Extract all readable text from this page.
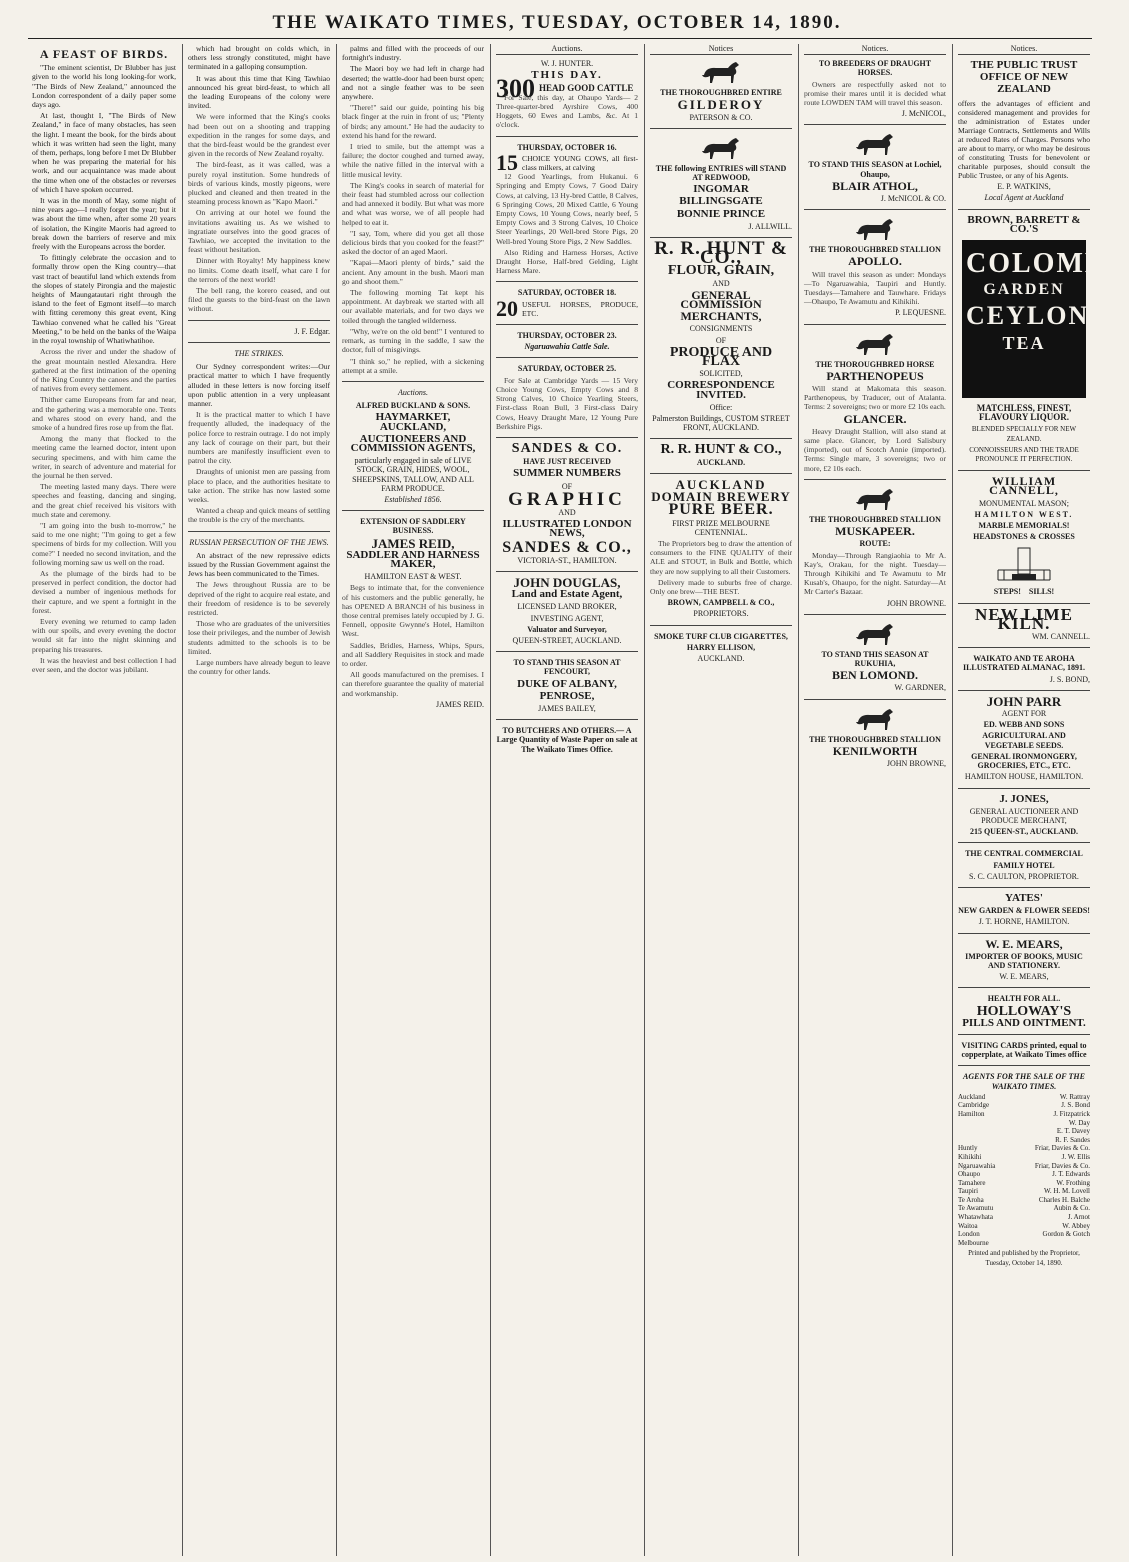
THE WAIKATO TIMES, TUESDAY, OCTOBER 14, 1890.
A FEAST OF BIRDS.

"The eminent scientist, Dr Blubber has just given to the world his long looking-for work, "The Birds of New Zealand," announced the London correspondent of a daily paper some days ago.

At last, thought I, "The Birds of New Zealand," in face of many obstacles, has seen the light. I meant the book, for the birds about which it was written had seen the light, many of them, perhaps, long before I met Dr Blubber when he was preparing the material for his work, and our acquaintance was made about the time when one of the obstacles or reverses of which I have spoken occurred.

It was in the month of May, some night of nine years ago—I really forget the year; but it was about the time when, after some 20 years of isolation, the Kingite Maoris had agreed to break down the barriers of reserve and mix freely with the Europeans across the border.

To fittingly celebrate the occasion and to formally throw open the King country—that vast tract of beautiful land which extends from the slopes of stately Pirongia and the majestic heights of Maungatautari right through the island to the feet of Egmont itself—to march with fitting ceremony this great event, King Tawhiao convened what he called his "Great Meeting," to be held on the banks of the Waipa in the royal township of Whatiwhatihoe.

Across the river and under the shadow of the great mountain nestled Alexandra. Here gathered at the first intimation of the opening of the King Country the canoes and the parties of natives from every settlement.

Thither came Europeans from far and near, and the gathering was a memorable one. Tents and whares stood on every hand, and the smoke of a hundred fires rose up from the flat.

Among the many that flocked to the meeting came the learned doctor, intent upon securing specimens, and with him came the writer, in search of adventure and material for the journal he then served.

The meeting lasted many days. There were speeches and feasting, dancing and singing, and the great chief received his visitors with much state and ceremony.

"I am going into the bush to-morrow," he said to me one night; "I'm going to get a few specimens of birds for my collection. Will you come?" I needed no second invitation, and the following morning saw us well on the road.

As the plumage of the birds had to be preserved in perfect condition, the doctor had devised a number of ingenious methods for their capture, and we spent a fortnight in the forest.

Every evening we returned to camp laden with our spoils, and every evening the doctor would sit far into the night skinning and preparing his treasures.

It was the heaviest and best collection I had ever seen, and the doctor was jubilant.

which had brought on colds which, in others less strongly constituted, might have terminated in a galloping consumption.

It was about this time that King Tawhiao announced his great bird-feast, to which all the leading Europeans of the colony were invited.

We were informed that the King's cooks had been out on a shooting and trapping expedition in the ranges for some days, and that the bird-feast would be the grandest ever given in the records of New Zealand royalty.

The bird-feast, as it was called, was a purely royal institution. Some hundreds of birds of various kinds, mostly pigeons, were plucked and cleaned and then treated in the steaming process known as "Kapo Maori."

On arriving at our hotel we found the invitations awaiting us. As we wished to ingratiate ourselves into the good graces of Tawhiao, we accepted the invitation to the feast without hesitation.

Dinner with Royalty! My happiness knew no limits. Come death itself, what care I for the terrors of the next world!

The bell rang, the korero ceased, and out filed the guests to the bird-feast on the lawn without.

J. F. Edgar.
THE STRIKES.

Our Sydney correspondent writes:—Our practical matter to which I have frequently alluded in these letters is now forcing itself upon public attention in a very unpleasant manner.

It is the practical matter to which I have frequently alluded, the inadequacy of the police force to restrain outrage. I do not imply any lack of courage on their part, but their numbers are manifestly insufficient even to patrol the city.

Draughts of unionist men are passing from place to place, and the authorities hesitate to take action. The strike has now lasted some weeks.

Wanted a cheap and quick means of settling the trouble is the cry of the merchants.

RUSSIAN PERSECUTION OF THE JEWS.

An abstract of the new repressive edicts issued by the Russian Government against the Jews has been communicated to the Times.

The Jews throughout Russia are to be deprived of the right to acquire real estate, and their freedom of residence is to be severely restricted.

Those who are graduates of the universities lose their privileges, and the number of Jewish students admitted to the schools is to be limited.

Large numbers have already begun to leave the country for other lands.

palms and filled with the proceeds of our fortnight's industry.

The Maori boy we had left in charge had deserted; the wattle-door had been burst open; and not a single feather was to be seen anywhere.

"There!" said our guide, pointing his big black finger at the ruin in front of us; "Plenty of birds; any amount." He had the audacity to extend his hand for the reward.

I tried to smile, but the attempt was a failure; the doctor coughed and turned away, while the native filled in the interval with a little musical levity.

The King's cooks in search of material for their feast had stumbled across our collection and had annexed it bodily. But what was more and what was worse, we of all people had helped to eat it.

"I say, Tom, where did you get all those delicious birds that you cooked for the feast?" asked the doctor of an aged Maori.

"Kapai—Maori plenty of birds," said the ancient. Any amount in the bush. Maori man go and shoot them."

The following morning Tat kept his appointment. At daybreak we started with all our available materials, and for two days we toiled through the tangled wilderness.

"Why, we're on the old bent!" I ventured to remark, as turning in the saddle, I saw the doctor, full of misgivings.

"I think so," he replied, with a sickening attempt at a smile.

Auctions.
ALFRED BUCKLAND & SONS.
HAYMARKET, AUCKLAND,
AUCTIONEERS AND COMMISSION AGENTS,
particularly engaged in sale of LIVE STOCK, GRAIN, HIDES, WOOL, SHEEPSKINS, TALLOW, AND ALL FARM PRODUCE.
Established 1856.
EXTENSION OF SADDLERY BUSINESS.
JAMES REID,
SADDLER AND HARNESS MAKER,
HAMILTON EAST & WEST.

Begs to intimate that, for the convenience of his customers and the public generally, he has OPENED A BRANCH of his business in those central premises lately occupied by J. G. Fennell, opposite Gwynne's Hotel, Hamilton West.

Saddles, Bridles, Harness, Whips, Spurs, and all Saddlery Requisites in stock and made to order.

All goods manufactured on the premises. I can therefore guarantee the quality of material and workmanship.

JAMES REID.
Auctions.
W. J. HUNTER.
THIS DAY.
300 HEAD GOOD CATTLE

For Sale, this day, at Ohaupo Yards— 2 Three-quarter-bred Ayrshire Cows, 400 Hoggets, 60 Ewes and Lambs, &c. At 1 o'clock.

THURSDAY, OCTOBER 16.
15 CHOICE YOUNG COWS, all first-class milkers, at calving

12 Good Yearlings, from Hukanui. 6 Springing and Empty Cows, 7 Good Dairy Cows, at calving, 13 Hy-bred Cattle, 8 Calves, 6 Springing Cows, 20 Mixed Cattle, 6 Young Empty Cows, 10 Young Cows, nearly beef, 5 Empty Cows and 3 Strong Calves, 10 Choice Steer Yearlings, 20 Well-bred Store Pigs, 20 Well-bred Young Store Pigs, 2 New Saddles.

Also Riding and Harness Horses, Active Draught Horse, Half-bred Gelding, Light Harness Mare.

SATURDAY, OCTOBER 18.
20 USEFUL HORSES, PRODUCE, ETC.
THURSDAY, OCTOBER 23.
Ngaruawahia Cattle Sale.
SATURDAY, OCTOBER 25.

For Sale at Cambridge Yards — 15 Very Choice Young Cows, Empty Cows and 8 Strong Calves, 10 Choice Yearling Steers, First-class Roan Bull, 3 First-class Dairy Cows, Heavy Draught Mare, 12 Young Pure Berkshire Pigs.

SANDES & CO.
HAVE JUST RECEIVED
SUMMER NUMBERS
OF
GRAPHIC
AND
ILLUSTRATED LONDON NEWS,
SANDES & CO.,
VICTORIA-ST., HAMILTON.
JOHN DOUGLAS,
Land and Estate Agent,
LICENSED LAND BROKER,
INVESTING AGENT,
Valuator and Surveyor,
QUEEN-STREET, AUCKLAND.
TO STAND THIS SEASON AT FENCOURT,
DUKE OF ALBANY,
PENROSE,
JAMES BAILEY,
TO BUTCHERS AND OTHERS.— A Large Quantity of Waste Paper on sale at The Waikato Times Office.
Notices
THE THOROUGHBRED ENTIRE
GILDEROY
PATERSON & CO.
THE following ENTRIES will STAND AT REDWOOD,
INGOMAR
BILLINGSGATE
BONNIE PRINCE
J. ALLWILL.
R. R. HUNT & CO.,
FLOUR, GRAIN,
AND
GENERAL COMMISSION
MERCHANTS,
CONSIGNMENTS
OF
PRODUCE AND FLAX
SOLICITED,
CORRESPONDENCE INVITED.
Office:
Palmerston Buildings, CUSTOM STREET FRONT, AUCKLAND.
R. R. HUNT & CO.,
AUCKLAND.
AUCKLAND
DOMAIN BREWERY
PURE BEER.
FIRST PRIZE MELBOURNE CENTENNIAL.

The Proprietors beg to draw the attention of consumers to the FINE QUALITY of their ALE and STOUT, in Bulk and Bottle, which they are now supplying to all their Customers.

Delivery made to suburbs free of charge. Only one brew—THE BEST.

BROWN, CAMPBELL & CO.,
PROPRIETORS.
SMOKE TURF CLUB CIGARETTES,
HARRY ELLISON,
AUCKLAND.
Notices.
TO BREEDERS OF DRAUGHT HORSES.

Owners are respectfully asked not to promise their mares until it is decided what route LOWDEN TAM will travel this season.

J. McNICOL,
TO STAND THIS SEASON at Lochiel, Ohaupo,
BLAIR ATHOL,
J. McNICOL & CO.
THE THOROUGHBRED STALLION
APOLLO.

Will travel this season as under: Mondays—To Ngaruawahia, Taupiri and Huntly. Tuesdays—Tamahere and Tauwhare. Fridays—Ohaupo, Te Awamutu and Kihikihi.

P. LEQUESNE.
THE THOROUGHBRED HORSE
PARTHENOPEUS

Will stand at Makomata this season. Parthenopeus, by Traducer, out of Atalanta. Terms: 2 sovereigns; two or more £2 10s each.

GLANCER.

Heavy Draught Stallion, will also stand at same place. Glancer, by Lord Salisbury (imported), out of Scotch Annie (imported). Terms: Single mare, 3 sovereigns; two or more, £2 10s each.

THE THOROUGHBRED STALLION
MUSKAPEER.
ROUTE:

Monday—Through Rangiaohia to Mr A. Kay's, Orakau, for the night. Tuesday—Through Kihikihi and Te Awamutu to Mr Kusab's, Ohaupo, for the night. Saturday—At Mr Carter's Bazaar.

JOHN BROWNE.
TO STAND THIS SEASON AT RUKUHIA,
BEN LOMOND.
W. GARDNER,
THE THOROUGHBRED STALLION
KENILWORTH
JOHN BROWNE,
Notices.
THE PUBLIC TRUST OFFICE OF NEW ZEALAND
offers the advantages of efficient and considered management and provides for the administration of Estates under Marriage Contracts, Settlements and Wills at reduced Rates of Charges. Persons who are about to marry, or who may be desirous of constituting Trusts for benevolent or charitable purposes, should consult the Public Trustee, or any of his Agents.
E. P. WATKINS,
Local Agent at Auckland
BROWN, BARRETT & CO.'S
COLOMBO
GARDEN
CEYLON
TEA
MATCHLESS, FINEST, FLAVOURY LIQUOR.
BLENDED SPECIALLY FOR NEW ZEALAND.
CONNOISSEURS AND THE TRADE PRONOUNCE IT PERFECTION.
WILLIAM CANNELL,
MONUMENTAL MASON;
HAMILTON WEST.
MARBLE MEMORIALS!
HEADSTONES & CROSSES
STEPS! SILLS!
NEW LIME KILN.
WM. CANNELL.
WAIKATO AND TE AROHA ILLUSTRATED ALMANAC, 1891.
J. S. BOND,
JOHN PARR
AGENT FOR
ED. WEBB AND SONS
AGRICULTURAL AND VEGETABLE SEEDS.
GENERAL IRONMONGERY, GROCERIES, ETC., ETC.
HAMILTON HOUSE, HAMILTON.
J. JONES,
GENERAL AUCTIONEER AND PRODUCE MERCHANT,
215 QUEEN-ST., AUCKLAND.
THE CENTRAL COMMERCIAL
FAMILY HOTEL
S. C. CAULTON, PROPRIETOR.
YATES'
NEW GARDEN & FLOWER SEEDS!
J. T. HORNE, HAMILTON.
W. E. MEARS,
IMPORTER OF BOOKS, MUSIC AND STATIONERY.
W. E. MEARS,
HEALTH FOR ALL.
HOLLOWAY'S
PILLS AND OINTMENT.
VISITING CARDS printed, equal to copperplate, at Waikato Times office
AGENTS FOR THE SALE OF THE WAIKATO TIMES.
Auckland	W. Rattray
Cambridge	J. S. Bond
Hamilton	J. Fitzpatrick
W. Day
E. T. Davey
R. F. Sandes
Huntly	Friar, Davies & Co.
Kihikihi	J. W. Ellis
Ngaruawahia	Friar, Davies & Co.
Ohaupo	J. T. Edwards
Tamahere	W. Frothing
Taupiri	W. H. M. Lovell
Te Aroha	Charles H. Balche
Te Awamutu	Aubin & Co.
Whatawhata	J. Arnot
Waitoa	W. Abbey
London	Gordon & Gotch
Melbourne
Printed and published by the Proprietor, Tuesday, October 14, 1890.
